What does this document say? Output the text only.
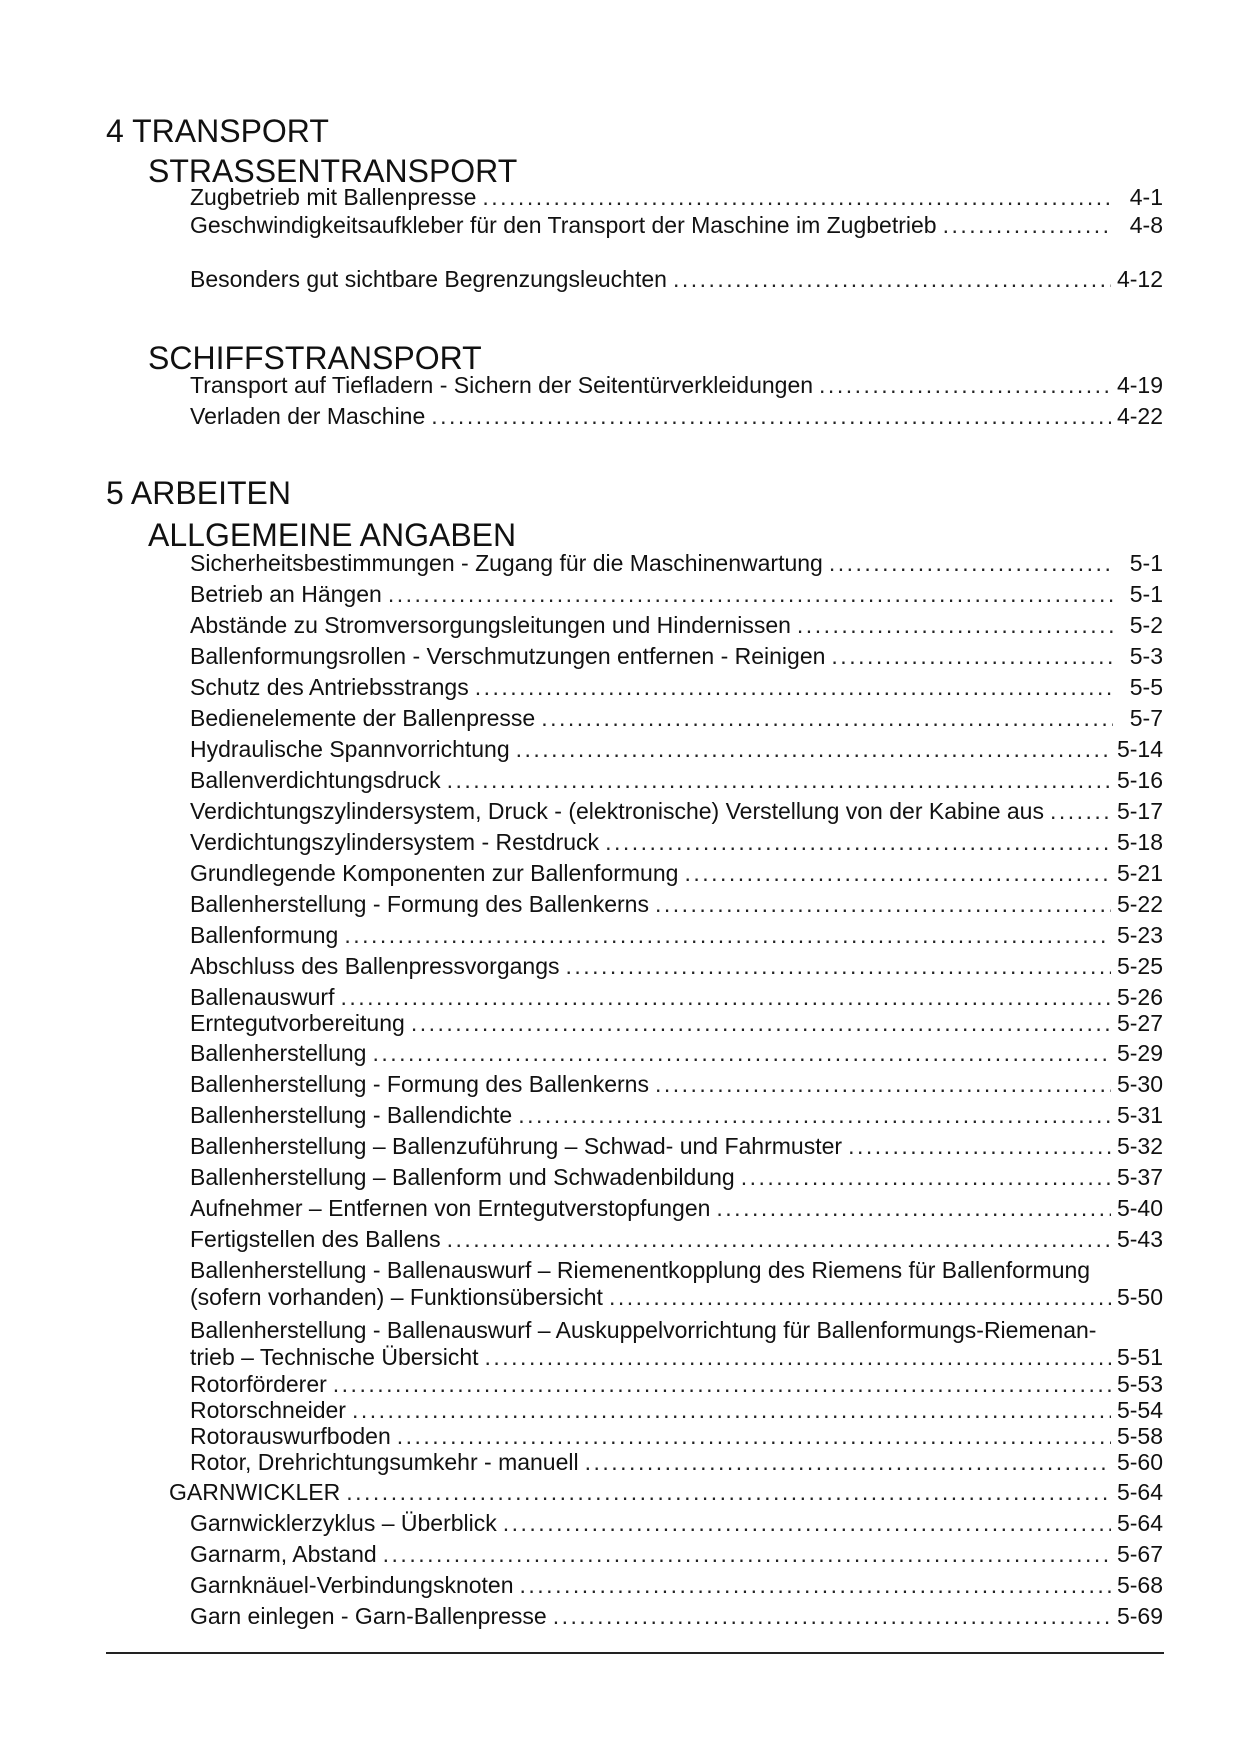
4 TRANSPORT
STRASSENTRANSPORT
Zugbetrieb mit Ballenpresse .....	4-1
Geschwindigkeitsaufkleber für den Transport der Maschine im Zugbetrieb .....	4-8
Besonders gut sichtbare Begrenzungsleuchten .....	4-12
SCHIFFSTRANSPORT
Transport auf Tiefladern - Sichern der Seitentürverkleidungen .....	4-19
Verladen der Maschine .....	4-22
5 ARBEITEN
ALLGEMEINE ANGABEN
Sicherheitsbestimmungen - Zugang für die Maschinenwartung .....	5-1
Betrieb an Hängen .....	5-1
Abstände zu Stromversorgungsleitungen und Hindernissen .....	5-2
Ballenformungsrollen - Verschmutzungen entfernen - Reinigen .....	5-3
Schutz des Antriebsstrangs .....	5-5
Bedienelemente der Ballenpresse .....	5-7
Hydraulische Spannvorrichtung .....	5-14
Ballenverdichtungsdruck .....	5-16
Verdichtungszylindersystem, Druck - (elektronische) Verstellung von der Kabine aus .....	5-17
Verdichtungszylindersystem - Restdruck .....	5-18
Grundlegende Komponenten zur Ballenformung .....	5-21
Ballenherstellung - Formung des Ballenkerns .....	5-22
Ballenformung .....	5-23
Abschluss des Ballenpressvorgangs .....	5-25
Ballenauswurf .....	5-26
Erntegutvorbereitung .....	5-27
Ballenherstellung .....	5-29
Ballenherstellung - Formung des Ballenkerns .....	5-30
Ballenherstellung - Ballendichte .....	5-31
Ballenherstellung – Ballenzuführung – Schwad- und Fahrmuster .....	5-32
Ballenherstellung – Ballenform und Schwadenbildung .....	5-37
Aufnehmer – Entfernen von Erntegutverstopfungen .....	5-40
Fertigstellen des Ballens .....	5-43
Ballenherstellung - Ballenauswurf – Riemenentkopplung des Riemens für Ballenformung
(sofern vorhanden) – Funktionsübersicht .....	5-50
Ballenherstellung - Ballenauswurf – Auskuppelvorrichtung für Ballenformungs-Riemenan-
trieb – Technische Übersicht .....	5-51
Rotorförderer .....	5-53
Rotorschneider .....	5-54
Rotorauswurfboden .....	5-58
Rotor, Drehrichtungsumkehr - manuell .....	5-60
GARNWICKLER .....	5-64
Garnwicklerzyklus – Überblick .....	5-64
Garnarm, Abstand .....	5-67
Garnknäuel-Verbindungsknoten .....	5-68
Garn einlegen - Garn-Ballenpresse .....	5-69
